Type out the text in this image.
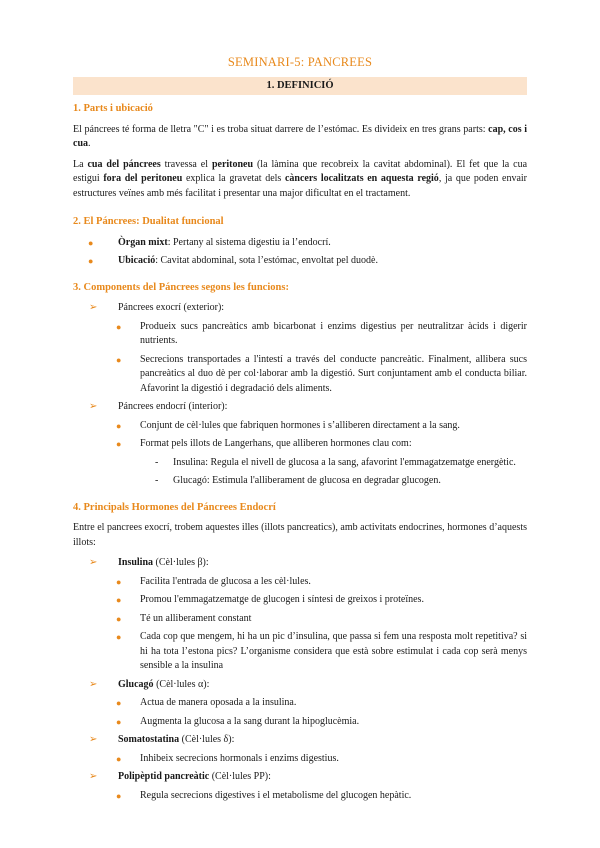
SEMINARI-5: PANCREES
1. DEFINICIÓ
1. Parts i ubicació

El páncrees té forma de lletra "C" i es troba situat darrere de l’estómac. Es divideix en tres grans parts: cap, cos i cua.

La cua del páncrees travessa el peritoneu (la làmina que recobreix la cavitat abdominal). El fet que la cua estigui fora del peritoneu explica la gravetat dels càncers localitzats en aquesta regió, ja que poden envair estructures veïnes amb més facilitat i presentar una major dificultat en el tractament.

2. El Páncrees: Dualitat funcional
● Òrgan mixt: Pertany al sistema digestiu ia l’endocrí.
● Ubicació: Cavitat abdominal, sota l’estómac, envoltat pel duodè.
3. Components del Páncrees segons les funcions:
➢ Páncrees exocrí (exterior):
● Produeix sucs pancreàtics amb bicarbonat i enzims digestius per neutralitzar àcids i digerir nutrients.
● Secrecions transportades a l'intestí a través del conducte pancreàtic. Finalment, allibera sucs pancreàtics al duo dè per col·laborar amb la digestió. Surt conjuntament amb el conducta biliar. Afavorint la digestió i degradació dels aliments.
➢ Páncrees endocrí (interior):
● Conjunt de cèl·lules que fabriquen hormones i s’alliberen directament a la sang.
● Format pels illots de Langerhans, que alliberen hormones clau com:
- Insulina: Regula el nivell de glucosa a la sang, afavorint l'emmagatzematge energètic.
- Glucagó: Estimula l'alliberament de glucosa en degradar glucogen.
4. Principals Hormones del Páncrees Endocrí

Entre el pancrees exocrí, trobem aquestes illes (illots pancreatics), amb activitats endocrines, hormones d’aquests illots:

➢ Insulina (Cèl·lules β):
● Facilita l'entrada de glucosa a les cèl·lules.
● Promou l'emmagatzematge de glucogen i síntesi de greixos i proteïnes.
● Té un alliberament constant
● Cada cop que mengem, hi ha un pic d’insulina, que passa si fem una resposta molt repetitiva? si hi ha tota l’estona pics? L’organisme considera que està sobre estimulat i cada cop serà menys sensible a la insulina
➢ Glucagó (Cèl·lules α):
● Actua de manera oposada a la insulina.
● Augmenta la glucosa a la sang durant la hipoglucèmia.
➢ Somatostatina (Cèl·lules δ):
● Inhibeix secrecions hormonals i enzims digestius.
➢ Polipèptid pancreàtic (Cèl·lules PP):
● Regula secrecions digestives i el metabolisme del glucogen hepàtic.
